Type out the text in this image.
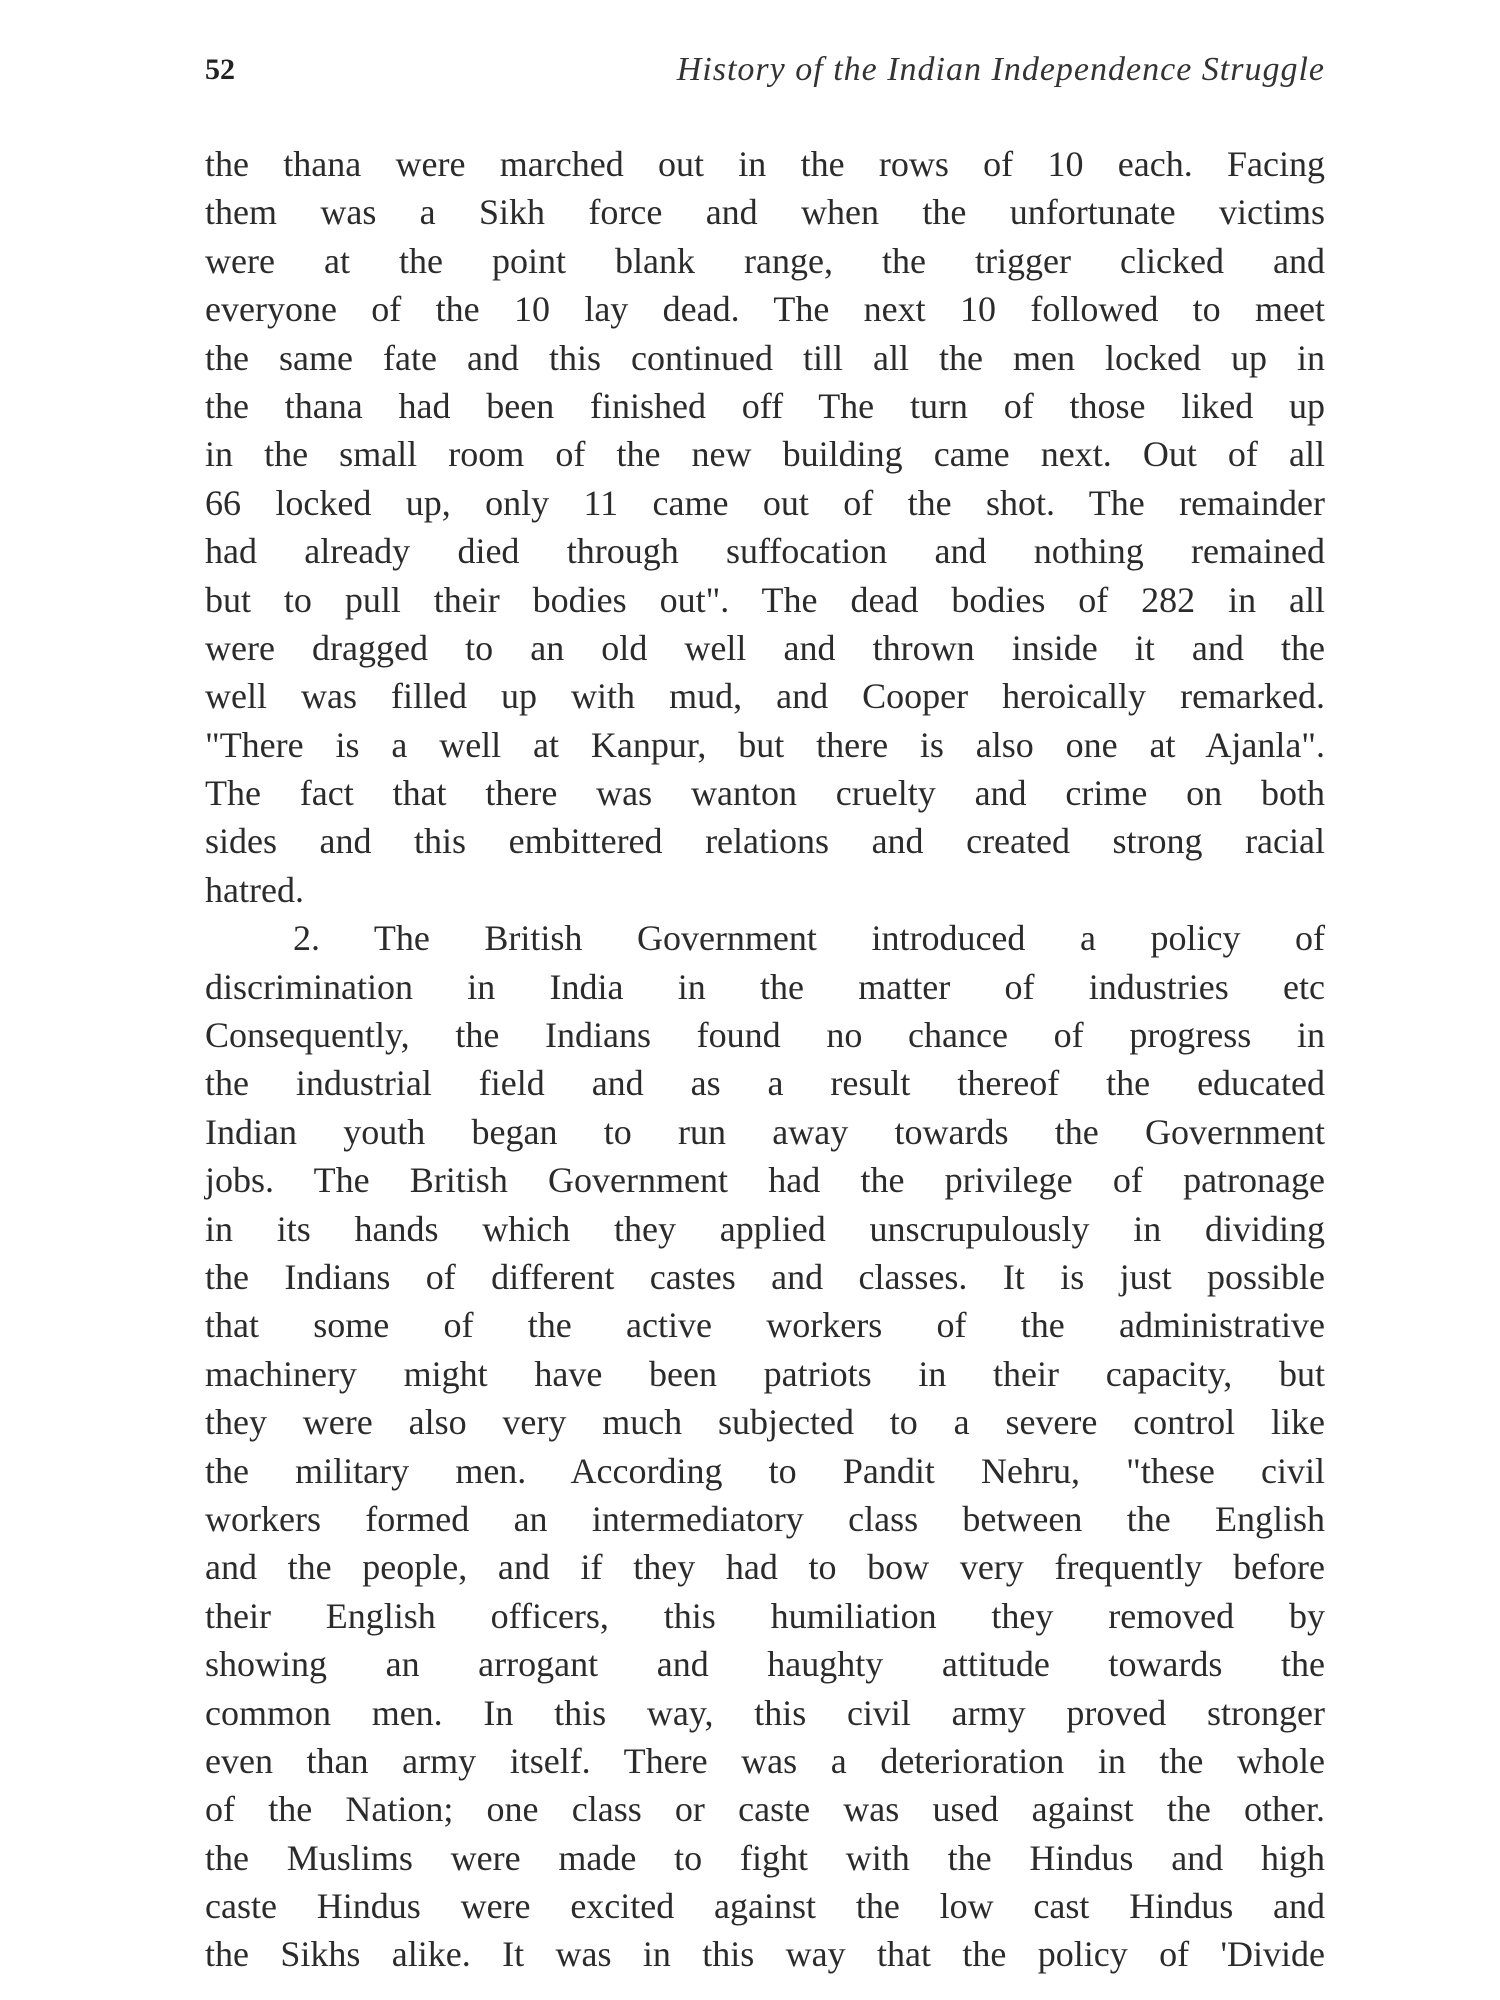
52	History of the Indian Independence Struggle
the thana were marched out in the rows of 10 each. Facing
them was a Sikh force and when the unfortunate victims
were at the point blank range, the trigger clicked and
everyone of the 10 lay dead. The next 10 followed to meet
the same fate and this continued till all the men locked up in
the thana had been finished off The turn of those liked up
in the small room of the new building came next. Out of all
66 locked up, only 11 came out of the shot. The remainder
had already died through suffocation and nothing remained
but to pull their bodies out". The dead bodies of 282 in all
were dragged to an old well and thrown inside it and the
well was filled up with mud, and Cooper heroically remarked.
"There is a well at Kanpur, but there is also one at Ajanla".
The fact that there was wanton cruelty and crime on both
sides and this embittered relations and created strong racial
hatred.
2. The British Government introduced a policy of
discrimination in India in the matter of industries etc
Consequently, the Indians found no chance of progress in
the industrial field and as a result thereof the educated
Indian youth began to run away towards the Government
jobs. The British Government had the privilege of patronage
in its hands which they applied unscrupulously in dividing
the Indians of different castes and classes. It is just possible
that some of the active workers of the administrative
machinery might have been patriots in their capacity, but
they were also very much subjected to a severe control like
the military men. According to Pandit Nehru, "these civil
workers formed an intermediatory class between the English
and the people, and if they had to bow very frequently before
their English officers, this humiliation they removed by
showing an arrogant and haughty attitude towards the
common men. In this way, this civil army proved stronger
even than army itself. There was a deterioration in the whole
of the Nation; one class or caste was used against the other.
the Muslims were made to fight with the Hindus and high
caste Hindus were excited against the low cast Hindus and
the Sikhs alike. It was in this way that the policy of 'Divide
